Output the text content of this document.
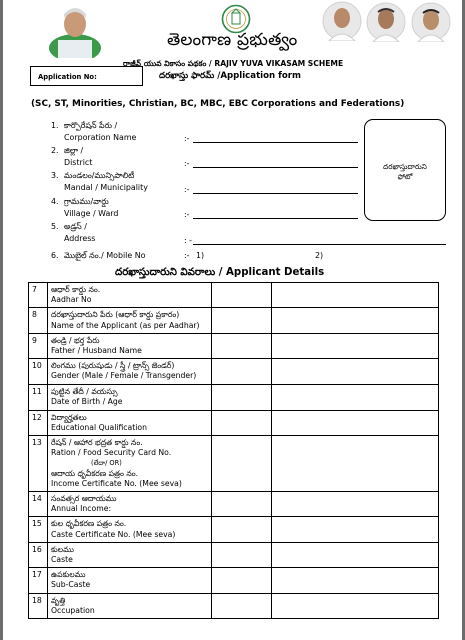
తెలంగాణ ప్రభుత్వం
రాజీవ్ యువ వికాసం పథకం / RAJIV YUVA VIKASAM SCHEME
Application No:	దరఖాస్తు ఫారమ్ /Application form
(SC, ST, Minorities, Christian, BC, MBC, EBC Corporations and Federations)
1. కార్పొరేషన్ పేరు /
Corporation Name	:-
2. జిల్లా /
District	:-
3. మండలం/మున్సిపాలిటీ
Mandal / Municipality	:-
4. గ్రామము/వార్డు
Village / Ward	:-
5. అడ్రస్ /
Address	: -
6. మొబైల్ నం./ Mobile No	:- 1)	2)
దరఖాస్తుదారుని
ఫోటో
దరఖాస్తుదారుని వివరాలు / Applicant Details
7	ఆధార్ కార్డు నం.
Aadhar No		

8	దరఖాస్తుదారుని పేరు (ఆధార్ కార్డు ప్రకారం)
Name of the Applicant (as per Aadhar)		

9	తండ్రి / భర్త పేరు
Father / Husband Name		

10	లింగము (పురుషుడు / స్త్రీ / ట్రాన్స్ జెండర్)
Gender (Male / Female / Transgender)		

11	పుట్టిన తేదీ / వయస్సు
Date of Birth / Age		

12	విద్యార్హతలు
Educational Qualification		

13	రేషన్ / ఆహార భద్రత కార్డు నం.
Ration / Food Security Card No.
(లేదా/ OR)
ఆదాయ ధృవీకరణ పత్రం నం.
Income Certificate No. (Mee seva)		

14	సంవత్సర ఆదాయము
Annual Income:		

15	కుల ధృవీకరణ పత్రం నం.
Caste Certificate No. (Mee seva)		

16	కులము
Caste		

17	ఉపకులము
Sub-Caste		

18	వృత్తి
Occupation		
